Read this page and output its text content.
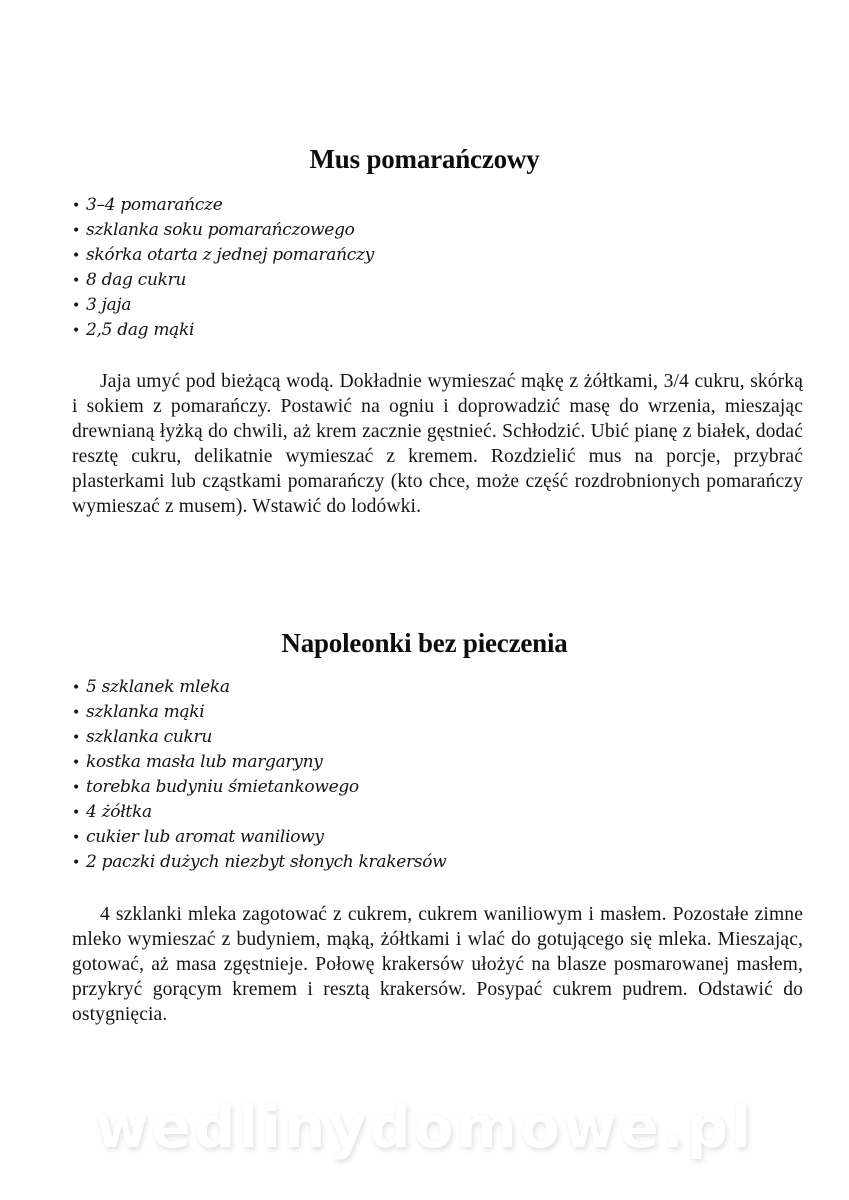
Mus pomarańczowy
• 3–4 pomarańcze
• szklanka soku pomarańczowego
• skórka otarta z jednej pomarańczy
• 8 dag cukru
• 3 jaja
• 2,5 dag mąki

Jaja umyć pod bieżącą wodą. Dokładnie wymieszać mąkę z żółtkami, 3/4 cukru, skórką i sokiem z pomarańczy. Postawić na ogniu i doprowadzić masę do wrzenia, mieszając drewnianą łyżką do chwili, aż krem zacznie gęstnieć. Schłodzić. Ubić pianę z białek, dodać resztę cukru, delikatnie wymieszać z kremem. Rozdzielić mus na porcje, przybrać plasterkami lub cząstkami pomarańczy (kto chce, może część rozdrobnionych pomarańczy wymieszać z musem). Wstawić do lodówki.

Napoleonki bez pieczenia
• 5 szklanek mleka
• szklanka mąki
• szklanka cukru
• kostka masła lub margaryny
• torebka budyniu śmietankowego
• 4 żółtka
• cukier lub aromat waniliowy
• 2 paczki dużych niezbyt słonych krakersów

4 szklanki mleka zagotować z cukrem, cukrem waniliowym i masłem. Pozostałe zimne mleko wymieszać z budyniem, mąką, żółtkami i wlać do gotującego się mleka. Mieszając, gotować, aż masa zgęstnieje. Połowę krakersów ułożyć na blasze posmarowanej masłem, przykryć gorącym kremem i resztą krakersów. Posypać cukrem pudrem. Odstawić do ostygnięcia.

wedlinydomowe.pl
